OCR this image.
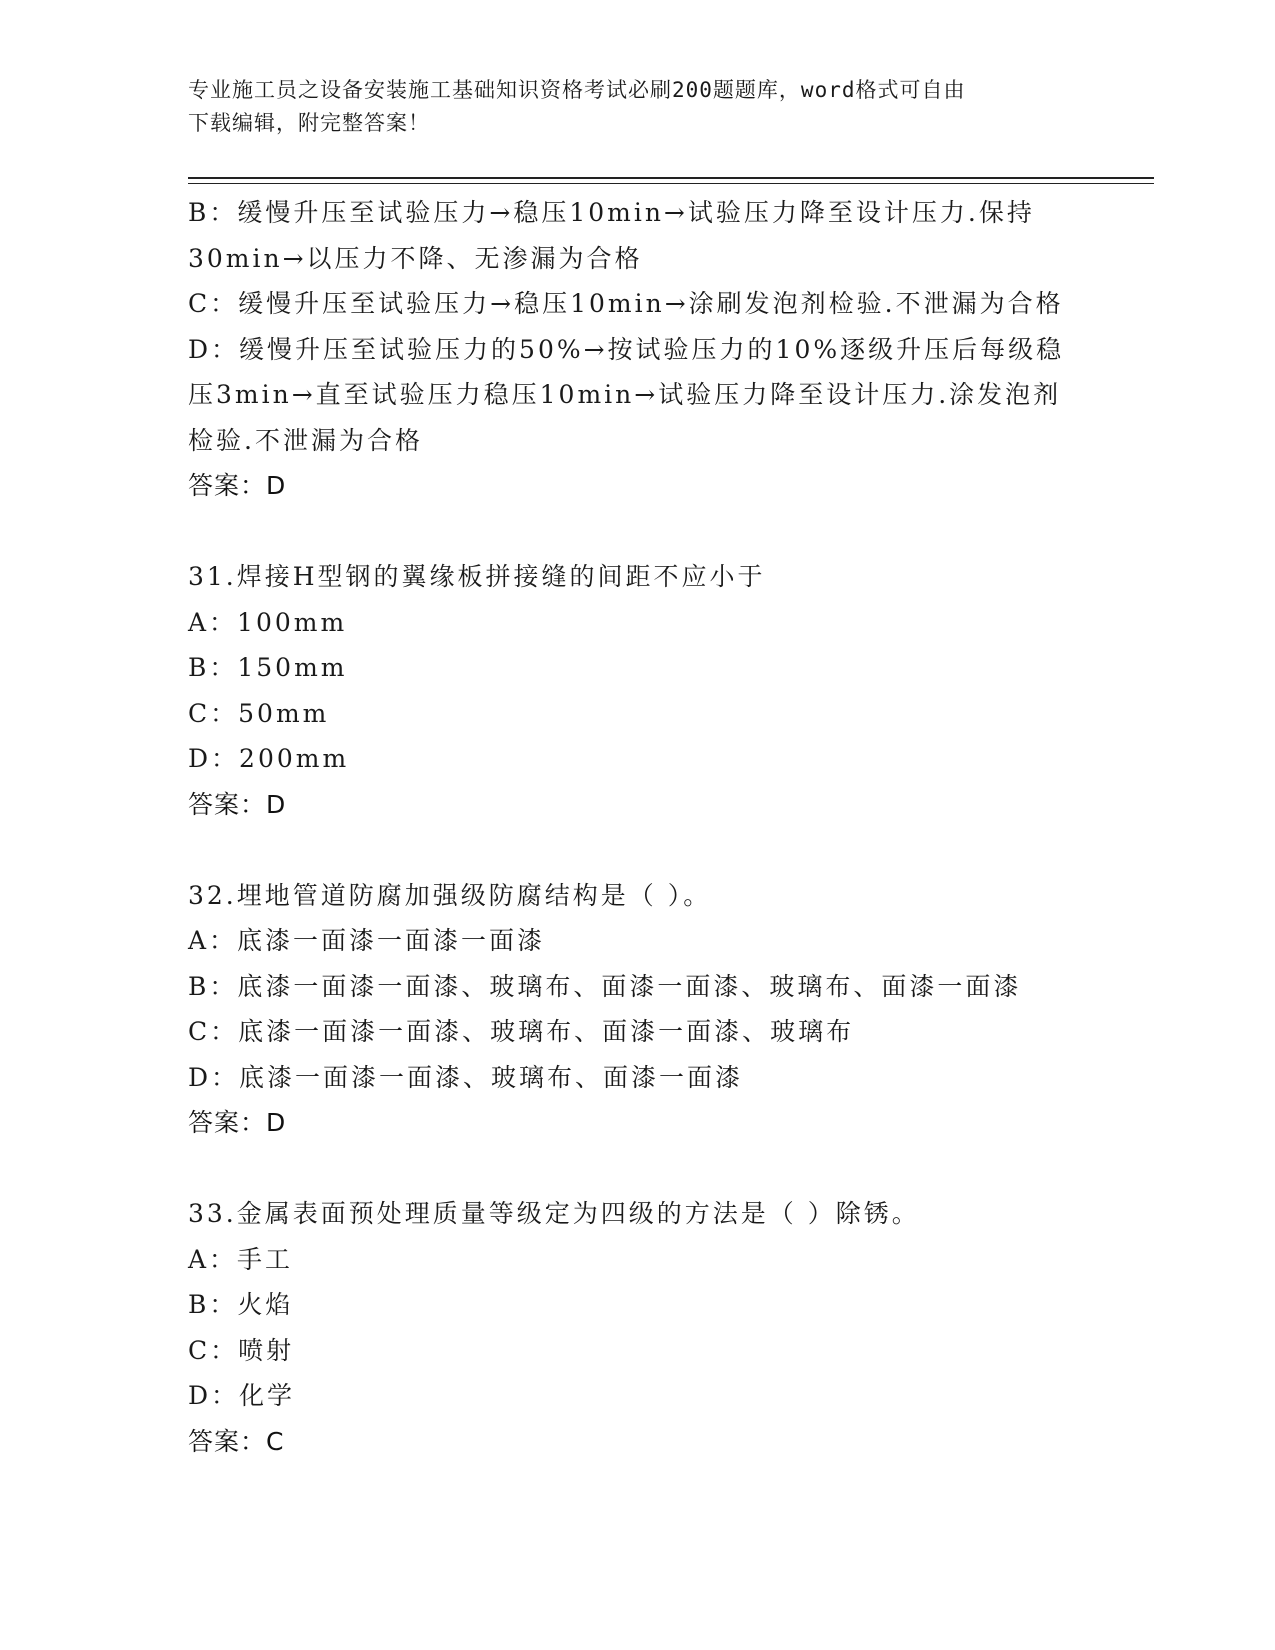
专业施工员之设备安装施工基础知识资格考试必刷200题题库，word格式可自由
下载编辑，附完整答案！
B：缓慢升压至试验压力→稳压10min→试验压力降至设计压力.保持
30min→以压力不降、无渗漏为合格
C：缓慢升压至试验压力→稳压10min→涂刷发泡剂检验.不泄漏为合格
D：缓慢升压至试验压力的50%→按试验压力的10%逐级升压后每级稳
压3min→直至试验压力稳压10min→试验压力降至设计压力.涂发泡剂
检验.不泄漏为合格
答案：D
31.焊接H型钢的翼缘板拼接缝的间距不应小于
A：100mm
B：150mm
C：50mm
D：200mm
答案：D
32.埋地管道防腐加强级防腐结构是（ ）。
A：底漆一面漆一面漆一面漆
B：底漆一面漆一面漆、玻璃布、面漆一面漆、玻璃布、面漆一面漆
C：底漆一面漆一面漆、玻璃布、面漆一面漆、玻璃布
D：底漆一面漆一面漆、玻璃布、面漆一面漆
答案：D
33.金属表面预处理质量等级定为四级的方法是（ ）除锈。
A：手工
B：火焰
C：喷射
D：化学
答案：C
